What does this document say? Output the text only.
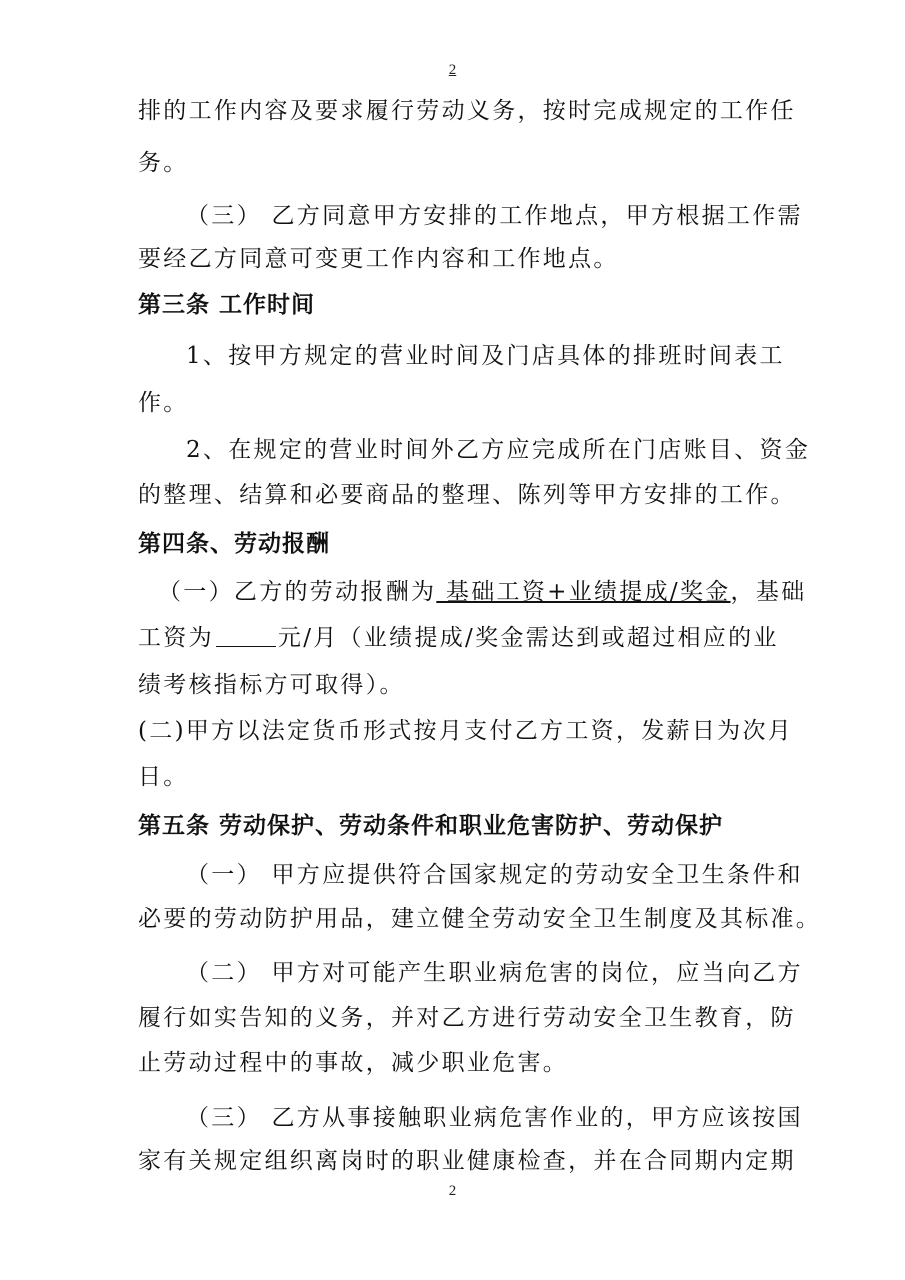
2
排的工作内容及要求履行劳动义务，按时完成规定的工作任
务。
（三） 乙方同意甲方安排的工作地点，甲方根据工作需
要经乙方同意可变更工作内容和工作地点。
第三条 工作时间
1、按甲方规定的营业时间及门店具体的排班时间表工
作。
2、在规定的营业时间外乙方应完成所在门店账目、资金
的整理、结算和必要商品的整理、陈列等甲方安排的工作。
第四条、劳动报酬
（一）乙方的劳动报酬为 基础工资+业绩提成/奖金，基础
工资为	元/月（业绩提成/奖金需达到或超过相应的业
绩考核指标方可取得）。
(二)甲方以法定货币形式按月支付乙方工资，发薪日为次月
日。
第五条 劳动保护、劳动条件和职业危害防护、劳动保护
（一） 甲方应提供符合国家规定的劳动安全卫生条件和
必要的劳动防护用品，建立健全劳动安全卫生制度及其标准。
（二） 甲方对可能产生职业病危害的岗位，应当向乙方
履行如实告知的义务，并对乙方进行劳动安全卫生教育，防
止劳动过程中的事故，减少职业危害。
（三） 乙方从事接触职业病危害作业的，甲方应该按国
家有关规定组织离岗时的职业健康检查，并在合同期内定期
2
